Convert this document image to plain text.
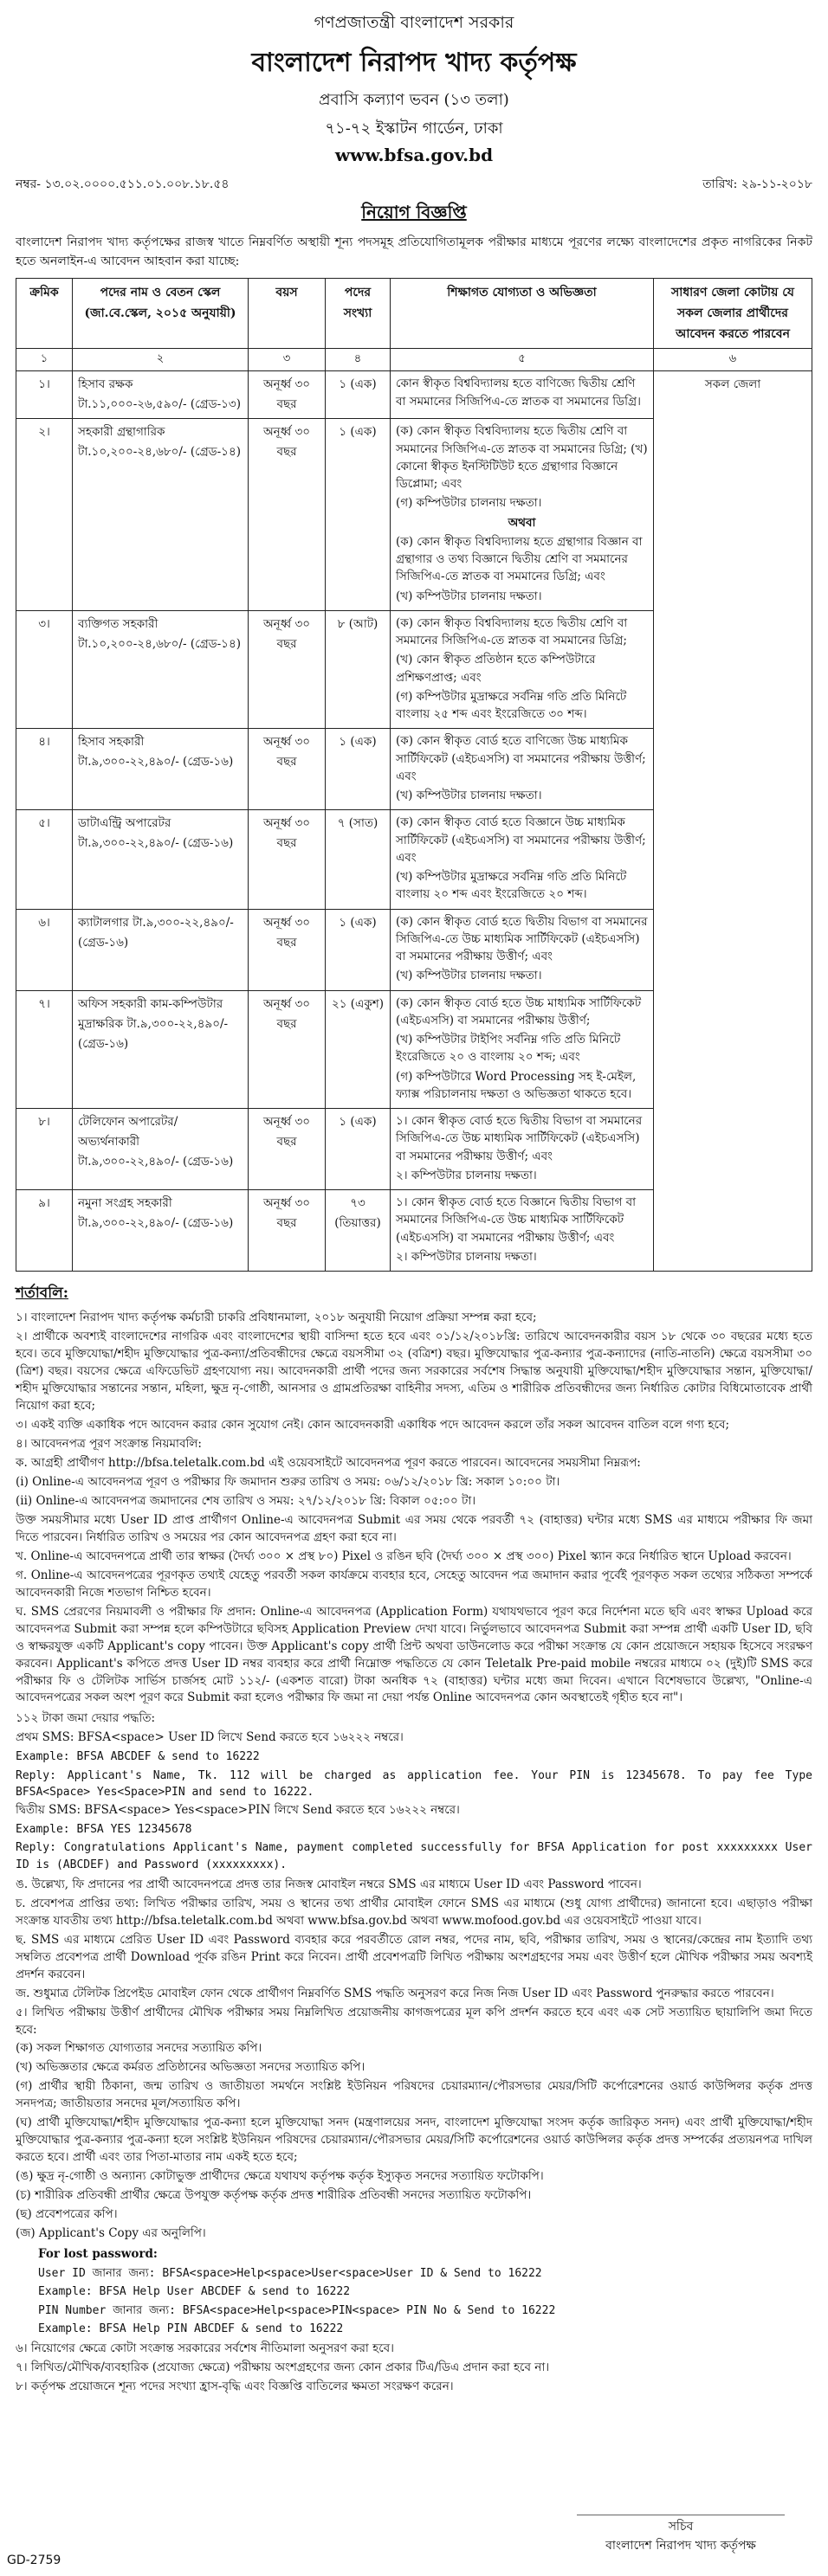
গণপ্রজাতন্ত্রী বাংলাদেশ সরকার
বাংলাদেশ নিরাপদ খাদ্য কর্তৃপক্ষ
প্রবাসি কল্যাণ ভবন (১৩ তলা)
৭১-৭২ ইস্কাটন গার্ডেন, ঢাকা
www.bfsa.gov.bd
নম্বর- ১৩.০২.০০০০.৫১১.০১.০০৮.১৮.৫৪	তারিখ: ২৯-১১-২০১৮
নিয়োগ বিজ্ঞপ্তি
বাংলাদেশ নিরাপদ খাদ্য কর্তৃপক্ষের রাজস্ব খাতে নিম্নবর্ণিত অস্থায়ী শূন্য পদসমূহ প্রতিযোগিতামূলক পরীক্ষার মাধ্যমে পূরণের লক্ষ্যে বাংলাদেশের প্রকৃত নাগরিকের নিকট হতে অনলাইন-এ আবেদন আহবান করা যাচ্ছে:
ক্রমিক	পদের নাম ও বেতন স্কেল (জা.বে.স্কেল, ২০১৫ অনুযায়ী)	বয়স	পদের সংখ্যা	শিক্ষাগত যোগ্যতা ও অভিজ্ঞতা	সাধারণ জেলা কোটায় যে সকল জেলার প্রার্থীদের আবেদন করতে পারবেন
১	২	৩	৪	৫	৬
১।	হিসাব রক্ষক টা.১১,০০০-২৬,৫৯০/- (গ্রেড-১৩)	অনূর্ধ্ব ৩০ বছর	১ (এক)	কোন স্বীকৃত বিশ্ববিদ্যালয় হতে বাণিজ্যে দ্বিতীয় শ্রেণি বা সমমানের সিজিপিএ-তে স্নাতক বা সমমানের ডিগ্রি।	সকল জেলা
২।	সহকারী গ্রন্থাগারিক টা.১০,২০০-২৪,৬৮০/- (গ্রেড-১৪)	অনূর্ধ্ব ৩০ বছর	১ (এক)	(ক) কোন স্বীকৃত বিশ্ববিদ্যালয় হতে দ্বিতীয় শ্রেণি বা সমমানের সিজিপিএ-তে স্নাতক বা সমমানের ডিগ্রি; (খ) কোনো স্বীকৃত ইনস্টিটিউট হতে গ্রন্থাগার বিজ্ঞানে ডিপ্লোমা; এবং
(গ) কম্পিউটার চালনায় দক্ষতা।
অথবা
(ক) কোন স্বীকৃত বিশ্ববিদ্যালয় হতে গ্রন্থাগার বিজ্ঞান বা গ্রন্থাগার ও তথ্য বিজ্ঞানে দ্বিতীয় শ্রেণি বা সমমানের সিজিপিএ-তে স্নাতক বা সমমানের ডিগ্রি; এবং
(খ) কম্পিউটার চালনায় দক্ষতা।	

৩।	ব্যক্তিগত সহকারী টা.১০,২০০-২৪,৬৮০/- (গ্রেড-১৪)	অনূর্ধ্ব ৩০ বছর	৮ (আট)	(ক) কোন স্বীকৃত বিশ্ববিদ্যালয় হতে দ্বিতীয় শ্রেণি বা সমমানের সিজিপিএ-তে স্নাতক বা সমমানের ডিগ্রি;
(খ) কোন স্বীকৃত প্রতিষ্ঠান হতে কম্পিউটারে প্রশিক্ষণপ্রাপ্ত; এবং
(গ) কম্পিউটার মুদ্রাক্ষরে সর্বনিম্ন গতি প্রতি মিনিটে বাংলায় ২৫ শব্দ এবং ইংরেজিতে ৩০ শব্দ।	

৪।	হিসাব সহকারী টা.৯,৩০০-২২,৪৯০/- (গ্রেড-১৬)	অনূর্ধ্ব ৩০ বছর	১ (এক)	(ক) কোন স্বীকৃত বোর্ড হতে বাণিজ্যে উচ্চ মাধ্যমিক সার্টিফিকেট (এইচএসসি) বা সমমানের পরীক্ষায় উত্তীর্ণ; এবং
(খ) কম্পিউটার চালনায় দক্ষতা।	

৫।	ডাটাএন্ট্রি অপারেটর টা.৯,৩০০-২২,৪৯০/- (গ্রেড-১৬)	অনূর্ধ্ব ৩০ বছর	৭ (সাত)	(ক) কোন স্বীকৃত বোর্ড হতে বিজ্ঞানে উচ্চ মাধ্যমিক সার্টিফিকেট (এইচএসসি) বা সমমানের পরীক্ষায় উত্তীর্ণ; এবং
(খ) কম্পিউটার মুদ্রাক্ষরে সর্বনিম্ন গতি প্রতি মিনিটে বাংলায় ২০ শব্দ এবং ইংরেজিতে ২০ শব্দ।	

৬।	ক্যাটালগার টা.৯,৩০০-২২,৪৯০/- (গ্রেড-১৬)	অনূর্ধ্ব ৩০ বছর	১ (এক)	(ক) কোন স্বীকৃত বোর্ড হতে দ্বিতীয় বিভাগ বা সমমানের সিজিপিএ-তে উচ্চ মাধ্যমিক সার্টিফিকেট (এইচএসসি) বা সমমানের পরীক্ষায় উত্তীর্ণ; এবং
(খ) কম্পিউটার চালনায় দক্ষতা।	

৭।	অফিস সহকারী কাম-কম্পিউটার মুদ্রাক্ষরিক টা.৯,৩০০-২২,৪৯০/- (গ্রেড-১৬)	অনূর্ধ্ব ৩০ বছর	২১ (একুশ)	(ক) কোন স্বীকৃত বোর্ড হতে উচ্চ মাধ্যমিক সার্টিফিকেট (এইচএসসি) বা সমমানের পরীক্ষায় উত্তীর্ণ;
(খ) কম্পিউটার টাইপিং সর্বনিম্ন গতি প্রতি মিনিটে ইংরেজিতে ২০ ও বাংলায় ২০ শব্দ; এবং
(গ) কম্পিউটারে Word Processing সহ ই-মেইল, ফ্যাক্স পরিচালনায় দক্ষতা ও অভিজ্ঞতা থাকতে হবে।	

৮।	টেলিফোন অপারেটর/ অভ্যর্থনাকারী টা.৯,৩০০-২২,৪৯০/- (গ্রেড-১৬)	অনূর্ধ্ব ৩০ বছর	১ (এক)	১। কোন স্বীকৃত বোর্ড হতে দ্বিতীয় বিভাগ বা সমমানের সিজিপিএ-তে উচ্চ মাধ্যমিক সার্টিফিকেট (এইচএসসি) বা সমমানের পরীক্ষায় উত্তীর্ণ; এবং
২। কম্পিউটার চালনায় দক্ষতা।	

৯।	নমুনা সংগ্রহ সহকারী টা.৯,৩০০-২২,৪৯০/- (গ্রেড-১৬)	অনূর্ধ্ব ৩০ বছর	৭৩ (তিয়াত্তর)	১। কোন স্বীকৃত বোর্ড হতে বিজ্ঞানে দ্বিতীয় বিভাগ বা সমমানের সিজিপিএ-তে উচ্চ মাধ্যমিক সার্টিফিকেট (এইচএসসি) বা সমমানের পরীক্ষায় উত্তীর্ণ; এবং
২। কম্পিউটার চালনায় দক্ষতা।	
শর্তাবলি:

১। বাংলাদেশ নিরাপদ খাদ্য কর্তৃপক্ষ কর্মচারী চাকরি প্রবিধানমালা, ২০১৮ অনুযায়ী নিয়োগ প্রক্রিয়া সম্পন্ন করা হবে;

২। প্রার্থীকে অবশ্যই বাংলাদেশের নাগরিক এবং বাংলাদেশের স্থায়ী বাসিন্দা হতে হবে এবং ০১/১২/২০১৮খ্রি: তারিখে আবেদনকারীর বয়স ১৮ থেকে ৩০ বছরের মধ্যে হতে হবে। তবে মুক্তিযোদ্ধা/শহীদ মুক্তিযোদ্ধার পুত্র-কন্যা/প্রতিবন্ধীদের ক্ষেত্রে বয়সসীমা ৩২ (বত্রিশ) বছর। মুক্তিযোদ্ধার পুত্র-কন্যার পুত্র-কন্যাদের (নাতি-নাতনি) ক্ষেত্রে বয়সসীমা ৩০ (ত্রিশ) বছর। বয়সের ক্ষেত্রে এফিডেভিট গ্রহণযোগ্য নয়। আবেদনকারী প্রার্থী পদের জন্য সরকারের সর্বশেষ সিদ্ধান্ত অনুযায়ী মুক্তিযোদ্ধা/শহীদ মুক্তিযোদ্ধার সন্তান, মুক্তিযোদ্ধা/শহীদ মুক্তিযোদ্ধার সন্তানের সন্তান, মহিলা, ক্ষুদ্র নৃ-গোষ্ঠী, আনসার ও গ্রামপ্রতিরক্ষা বাহিনীর সদস্য, এতিম ও শারীরিক প্রতিবন্ধীদের জন্য নির্ধারিত কোটার বিধিমোতাবেক প্রার্থী নিয়োগ করা হবে;

৩। একই ব্যক্তি একাধিক পদে আবেদন করার কোন সুযোগ নেই। কোন আবেদনকারী একাধিক পদে আবেদন করলে তাঁর সকল আবেদন বাতিল বলে গণ্য হবে;

৪। আবেদনপত্র পূরণ সংক্রান্ত নিয়মাবলি:

ক. আগ্রহী প্রার্থীগণ http://bfsa.teletalk.com.bd এই ওয়েবসাইটে আবেদনপত্র পূরণ করতে পারবেন। আবেদনের সময়সীমা নিম্নরূপ:

(i) Online-এ আবেদনপত্র পূরণ ও পরীক্ষার ফি জমাদান শুরুর তারিখ ও সময়: ০৬/১২/২০১৮ খ্রি: সকাল ১০:০০ টা।

(ii) Online-এ আবেদনপত্র জমাদানের শেষ তারিখ ও সময়: ২৭/১২/২০১৮ খ্রি: বিকাল ০৫:০০ টা।

উক্ত সময়সীমার মধ্যে User ID প্রাপ্ত প্রার্থীগণ Online-এ আবেদনপত্র Submit এর সময় থেকে পরবর্তী ৭২ (বাহাত্তর) ঘন্টার মধ্যে SMS এর মাধ্যমে পরীক্ষার ফি জমা দিতে পারবেন। নির্ধারিত তারিখ ও সময়ের পর কোন আবেদনপত্র গ্রহণ করা হবে না।

খ. Online-এ আবেদনপত্রে প্রার্থী তার স্বাক্ষর (দৈর্ঘ্য ৩০০ × প্রস্থ ৮০) Pixel ও রঙিন ছবি (দৈর্ঘ্য ৩০০ × প্রস্থ ৩০০) Pixel স্ক্যান করে নির্ধারিত স্থানে Upload করবেন।

গ. Online-এ আবেদনপত্রের পূরণকৃত তথ্যই যেহেতু পরবর্তী সকল কার্যক্রমে ব্যবহার হবে, সেহেতু আবেদন পত্র জমাদান করার পূর্বেই পূরণকৃত সকল তথ্যের সঠিকতা সম্পর্কে আবেদনকারী নিজে শতভাগ নিশ্চিত হবেন।

ঘ. SMS প্রেরণের নিয়মাবলী ও পরীক্ষার ফি প্রদান: Online-এ আবেদনপত্র (Application Form) যথাযথভাবে পূরণ করে নির্দেশনা মতে ছবি এবং স্বাক্ষর Upload করে আবেদনপত্র Submit করা সম্পন্ন হলে কম্পিউটারে ছবিসহ Application Preview দেখা যাবে। নির্ভুলভাবে আবেদনপত্র Submit করা সম্পন্ন প্রার্থী একটি User ID, ছবি ও স্বাক্ষরযুক্ত একটি Applicant's copy পাবেন। উক্ত Applicant's copy প্রার্থী প্রিন্ট অথবা ডাউনলোড করে পরীক্ষা সংক্রান্ত যে কোন প্রয়োজনে সহায়ক হিসেবে সংরক্ষণ করবেন। Applicant's কপিতে প্রদত্ত User ID নম্বর ব্যবহার করে প্রার্থী নিম্নোক্ত পদ্ধতিতে যে কোন Teletalk Pre-paid mobile নম্বরের মাধ্যমে ০২ (দুই)টি SMS করে পরীক্ষার ফি ও টেলিটক সার্ভিস চার্জসহ মোট ১১২/- (একশত বারো) টাকা অনধিক ৭২ (বাহাত্তর) ঘন্টার মধ্যে জমা দিবেন। এখানে বিশেষভাবে উল্লেখ্য, "Online-এ আবেদনপত্রের সকল অংশ পূরণ করে Submit করা হলেও পরীক্ষার ফি জমা না দেয়া পর্যন্ত Online আবেদনপত্র কোন অবস্থাতেই গৃহীত হবে না"।

১১২ টাকা জমা দেয়ার পদ্ধতি:

প্রথম SMS: BFSA<space> User ID লিখে Send করতে হবে ১৬২২২ নম্বরে।

Example: BFSA ABCDEF & send to 16222

Reply: Applicant's Name, Tk. 112 will be charged as application fee. Your PIN is 12345678. To pay fee Type BFSA<Space> Yes<Space>PIN and send to 16222.

দ্বিতীয় SMS: BFSA<space> Yes<space>PIN লিখে Send করতে হবে ১৬২২২ নম্বরে।

Example: BFSA YES 12345678

Reply: Congratulations Applicant's Name, payment completed successfully for BFSA Application for post xxxxxxxxx User ID is (ABCDEF) and Password (xxxxxxxxx).

ঙ. উল্লেখ্য, ফি প্রদানের পর প্রার্থী আবেদনপত্রে প্রদত্ত তার নিজস্ব মোবাইল নম্বরে SMS এর মাধ্যমে User ID এবং Password পাবেন।

চ. প্রবেশপত্র প্রাপ্তির তথ্য: লিখিত পরীক্ষার তারিখ, সময় ও স্থানের তথ্য প্রার্থীর মোবাইল ফোনে SMS এর মাধ্যমে (শুধু যোগ্য প্রার্থীদের) জানানো হবে। এছাড়াও পরীক্ষা সংক্রান্ত যাবতীয় তথ্য http://bfsa.teletalk.com.bd অথবা www.bfsa.gov.bd অথবা www.mofood.gov.bd এর ওয়েবসাইটে পাওয়া যাবে।

ছ. SMS এর মাধ্যমে প্রেরিত User ID এবং Password ব্যবহার করে পরবর্তীতে রোল নম্বর, পদের নাম, ছবি, পরীক্ষার তারিখ, সময় ও স্থানের/কেন্দ্রের নাম ইত্যাদি তথ্য সম্বলিত প্রবেশপত্র প্রার্থী Download পূর্বক রঙিন Print করে নিবেন। প্রার্থী প্রবেশপত্রটি লিখিত পরীক্ষায় অংশগ্রহণের সময় এবং উত্তীর্ণ হলে মৌখিক পরীক্ষার সময় অবশ্যই প্রদর্শন করবেন।

জ. শুধুমাত্র টেলিটক প্রিপেইড মোবাইল ফোন থেকে প্রার্থীগণ নিম্নবর্ণিত SMS পদ্ধতি অনুসরণ করে নিজ নিজ User ID এবং Password পুনরুদ্ধার করতে পারবেন।

৫। লিখিত পরীক্ষায় উত্তীর্ণ প্রার্থীদের মৌখিক পরীক্ষার সময় নিম্নলিখিত প্রয়োজনীয় কাগজপত্রের মূল কপি প্রদর্শন করতে হবে এবং এক সেট সত্যায়িত ছায়ালিপি জমা দিতে হবে:

(ক) সকল শিক্ষাগত যোগ্যতার সনদের সত্যায়িত কপি।

(খ) অভিজ্ঞতার ক্ষেত্রে কর্মরত প্রতিষ্ঠানের অভিজ্ঞতা সনদের সত্যায়িত কপি।

(গ) প্রার্থীর স্থায়ী ঠিকানা, জন্ম তারিখ ও জাতীয়তা সমর্থনে সংশ্লিষ্ট ইউনিয়ন পরিষদের চেয়ারম্যান/পৌরসভার মেয়র/সিটি কর্পোরেশনের ওয়ার্ড কাউন্সিলর কর্তৃক প্রদত্ত সনদপত্র; জাতীয়তার সনদের মূল/সত্যায়িত কপি।

(ঘ) প্রার্থী মুক্তিযোদ্ধা/শহীদ মুক্তিযোদ্ধার পুত্র-কন্যা হলে মুক্তিযোদ্ধা সনদ (মন্ত্রণালয়ের সনদ, বাংলাদেশ মুক্তিযোদ্ধা সংসদ কর্তৃক জারিকৃত সনদ) এবং প্রার্থী মুক্তিযোদ্ধা/শহীদ মুক্তিযোদ্ধার পুত্র-কন্যার পুত্র-কন্যা হলে সংশ্লিষ্ট ইউনিয়ন পরিষদের চেয়ারম্যান/পৌরসভার মেয়র/সিটি কর্পোরেশনের ওয়ার্ড কাউন্সিলর কর্তৃক প্রদত্ত সম্পর্কের প্রত্যয়নপত্র দাখিল করতে হবে। প্রার্থী এবং তার পিতা-মাতার নাম একই হতে হবে;

(ঙ) ক্ষুদ্র নৃ-গোষ্ঠী ও অন্যান্য কোটাভুক্ত প্রার্থীদের ক্ষেত্রে যথাযথ কর্তৃপক্ষ কর্তৃক ইস্যুকৃত সনদের সত্যায়িত ফটোকপি।

(চ) শারীরিক প্রতিবন্ধী প্রার্থীর ক্ষেত্রে উপযুক্ত কর্তৃপক্ষ কর্তৃক প্রদত্ত শারীরিক প্রতিবন্ধী সনদের সত্যায়িত ফটোকপি।

(ছ) প্রবেশপত্রের কপি।

(জ) Applicant's Copy এর অনুলিপি।

For lost password:

User ID জানার জন্য: BFSA<space>Help<space>User<space>User ID & Send to 16222

Example: BFSA Help User ABCDEF & send to 16222

PIN Number জানার জন্য: BFSA<space>Help<space>PIN<space> PIN No & Send to 16222

Example: BFSA Help PIN ABCDEF & send to 16222

৬। নিয়োগের ক্ষেত্রে কোটা সংক্রান্ত সরকারের সর্বশেষ নীতিমালা অনুসরণ করা হবে।

৭। লিখিত/মৌখিক/ব্যবহারিক (প্রযোজ্য ক্ষেত্রে) পরীক্ষায় অংশগ্রহণের জন্য কোন প্রকার টিএ/ডিএ প্রদান করা হবে না।

৮। কর্তৃপক্ষ প্রয়োজনে শূন্য পদের সংখ্যা হ্রাস-বৃদ্ধি এবং বিজ্ঞপ্তি বাতিলের ক্ষমতা সংরক্ষণ করেন।

সচিব
বাংলাদেশ নিরাপদ খাদ্য কর্তৃপক্ষ
GD-2759
